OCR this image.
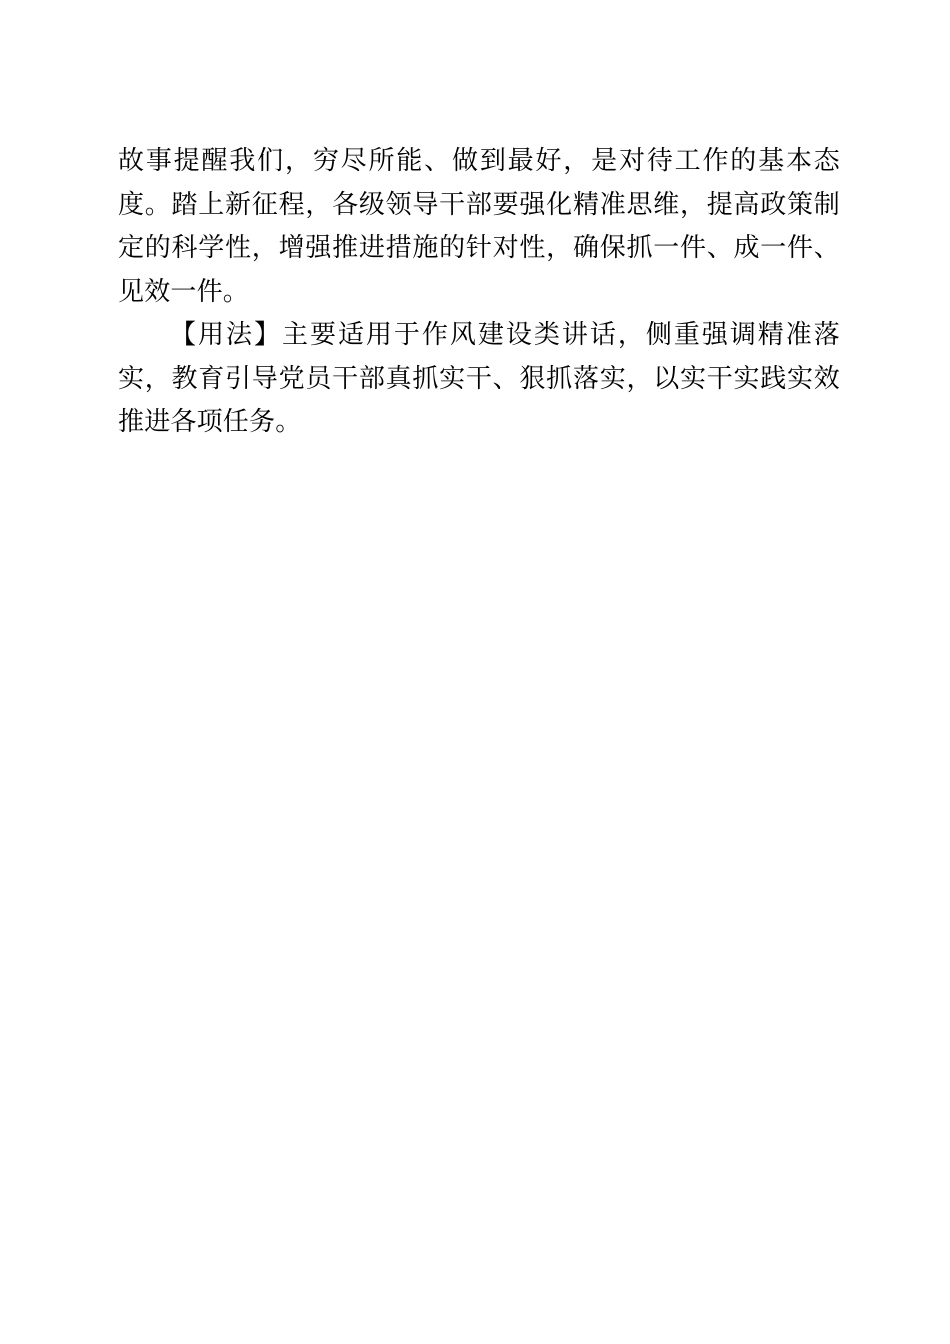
故事提醒我们，穷尽所能、做到最好，是对待工作的基本态度。踏上新征程，各级领导干部要强化精准思维，提高政策制定的科学性，增强推进措施的针对性，确保抓一件、成一件、见效一件。

【用法】主要适用于作风建设类讲话，侧重强调精准落实，教育引导党员干部真抓实干、狠抓落实，以实干实践实效推进各项任务。
